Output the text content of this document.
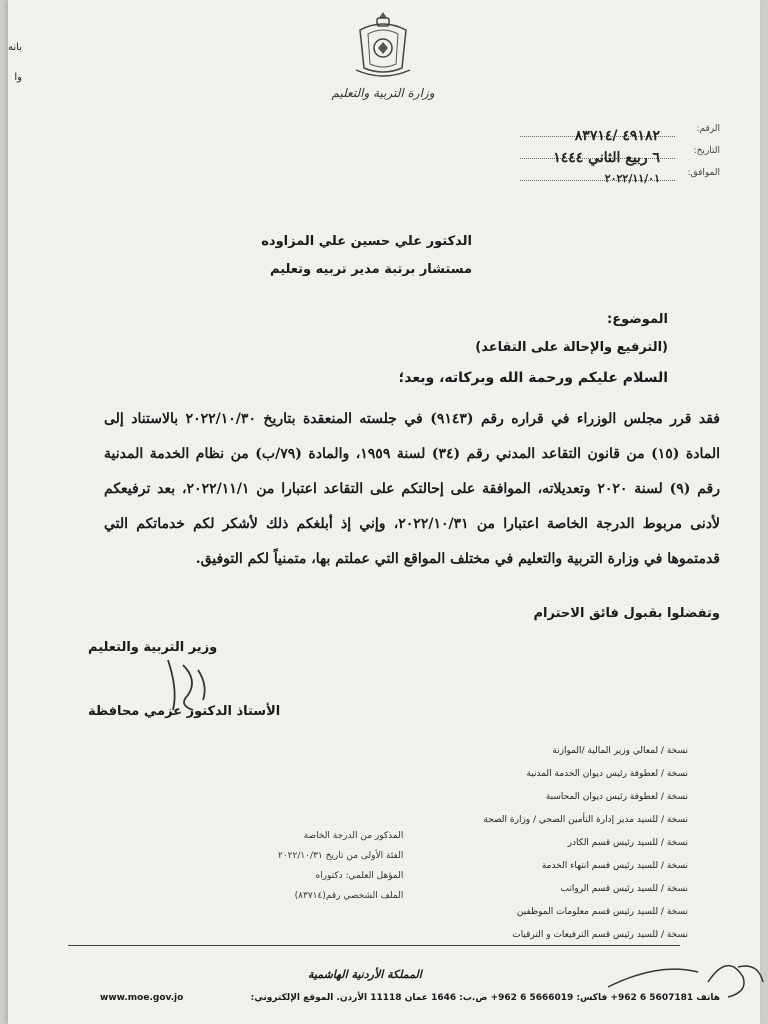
بانه
وا
وزارة التربية والتعليم
الرقم:
التاريخ:
٤٩١٨٢ /٨٣٧١٤
٦ ربيع الثاني ١٤٤٤
الموافق:
٢٠٢٢/١١/٠١
الدكتور علي حسين علي المزاوده
مستشار برتبة مدير تربيه وتعليم
الموضوع:
(الترفيع والإحالة على التقاعد)
السلام عليكم ورحمة الله وبركاته، وبعد؛
فقد قرر مجلس الوزراء في قراره رقم (٩١٤٣) في جلسته المنعقدة بتاريخ ٢٠٢٢/١٠/٣٠ بالاستناد إلى المادة (١٥) من قانون التقاعد المدني رقم (٣٤) لسنة ١٩٥٩، والمادة (٧٩/ب) من نظام الخدمة المدنية رقم (٩) لسنة ٢٠٢٠ وتعديلاته، الموافقة على إحالتكم على التقاعد اعتبارا من ٢٠٢٢/١١/١، بعد ترفيعكم لأدنى مربوط الدرجة الخاصة اعتبارا من ٢٠٢٢/١٠/٣١، وإني إذ أبلغكم ذلك لأشكر لكم خدماتكم التي قدمتموها في وزارة التربية والتعليم في مختلف المواقع التي عملتم بها، متمنياً لكم التوفيق.
وتفضلوا بقبول فائق الاحترام
وزير التربية والتعليم
الأستاذ الدكتور عزمي محافظة
نسخة / لمعالي وزير المالية /الموازنة
نسخة / لعطوفة رئيس ديوان الخدمة المدنية
نسخة / لعطوفة رئيس ديوان المحاسبة
نسخة / للسيد مدير إدارة التأمين الصحي / وزارة الصحة
نسخة / للسيد رئيس قسم الكادر
نسخة / للسيد رئيس قسم انتهاء الخدمة
نسخة / للسيد رئيس قسم الرواتب
نسخة / للسيد رئيس قسم معلومات الموظفين
نسخة / للسيد رئيس قسم الترفيعات و الترقيات
المذكور من الدرجة الخاصة
الفئة الأولى من تاريخ ٢٠٢٢/١٠/٣١
المؤهل العلمي: دكتوراه
الملف الشخصي رقم(٨٣٧١٤)
المملكة الأردنية الهاشمية
www.moe.gov.jo	هاتف 5607181 6 962+ فاكس: 5666019 6 962+ ص.ب: 1646 عمان 11118 الأردن. الموقع الإلكتروني:
